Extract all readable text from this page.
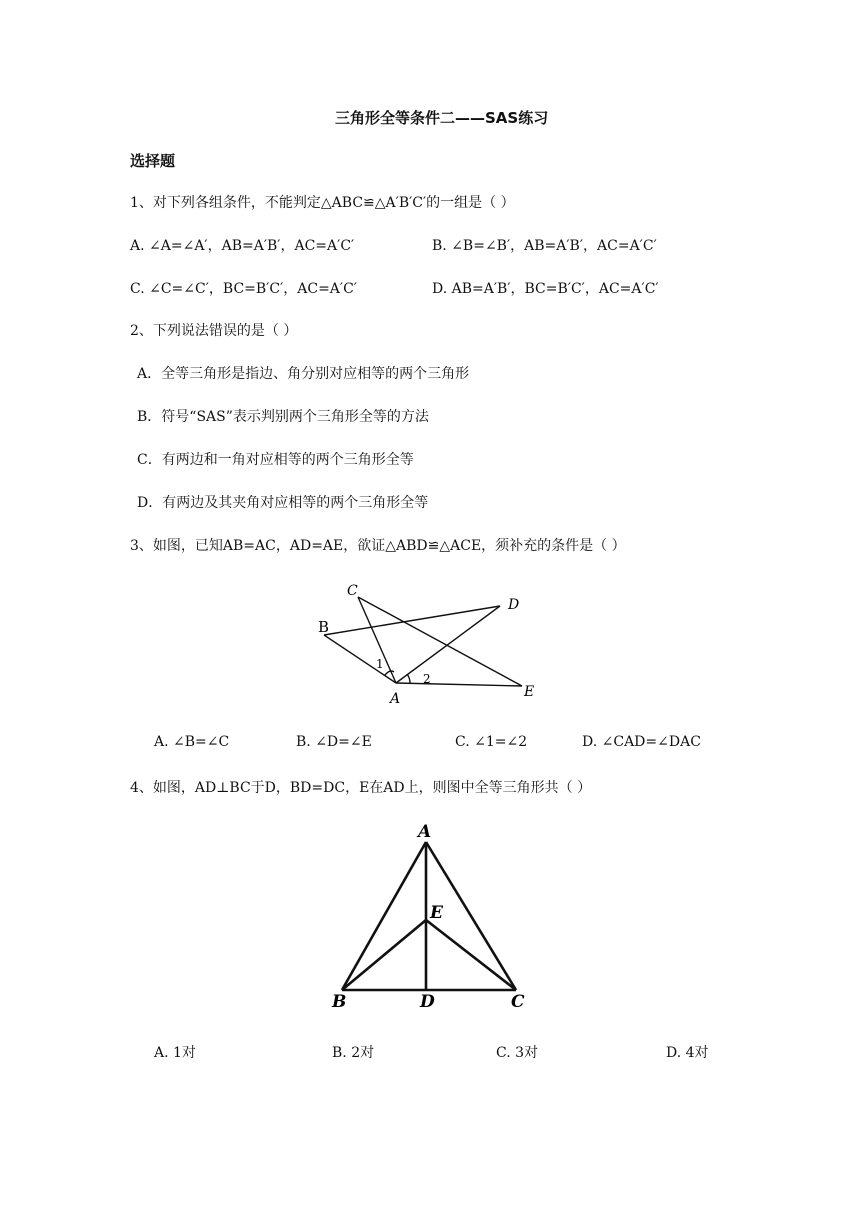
三角形全等条件二——SAS练习
选择题
1、对下列各组条件，不能判定△ABC≌△A′B′C′的一组是（ ）
A. ∠A=∠A′，AB=A′B′，AC=A′C′	B. ∠B=∠B′，AB=A′B′，AC=A′C′
C. ∠C=∠C′，BC=B′C′，AC=A′C′	D. AB=A′B′，BC=B′C′，AC=A′C′
2、下列说法错误的是（ ）
A．全等三角形是指边、角分别对应相等的两个三角形
B．符号“SAS”表示判别两个三角形全等的方法
C．有两边和一角对应相等的两个三角形全等
D．有两边及其夹角对应相等的两个三角形全等
3、如图，已知AB=AC，AD=AE，欲证△ABD≌△ACE，须补充的条件是（ ）
C
D
B
1
2
A	E
A. ∠B=∠C	B. ∠D=∠E	C. ∠1=∠2	D. ∠CAD=∠DAC
4、如图，AD⊥BC于D，BD=DC，E在AD上，则图中全等三角形共（ ）
A
E
B	D	C
A. 1对	B. 2对	C. 3对	D. 4对
